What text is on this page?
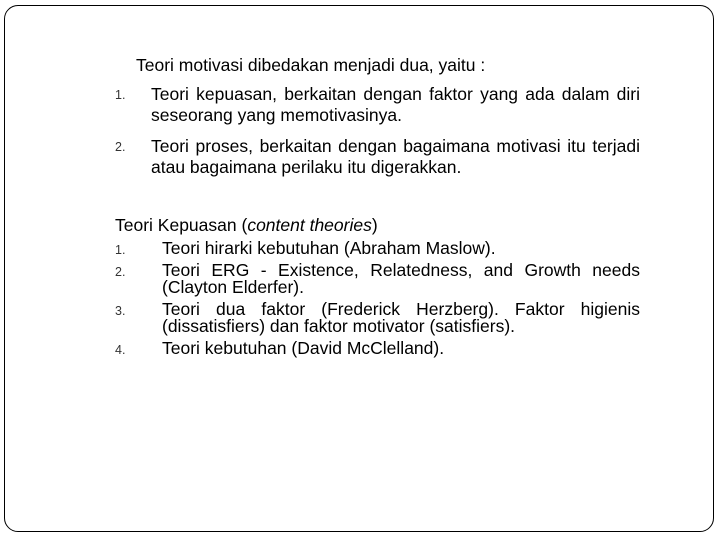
Teori motivasi dibedakan menjadi dua, yaitu :
1. Teori kepuasan, berkaitan dengan faktor yang ada dalam diri seseorang yang memotivasinya.
2. Teori proses, berkaitan dengan bagaimana motivasi itu terjadi atau bagaimana perilaku itu digerakkan.
Teori Kepuasan (content theories)
1. Teori hirarki kebutuhan (Abraham Maslow).
2. Teori ERG - Existence, Relatedness, and Growth needs (Clayton Elderfer).
3. Teori dua faktor (Frederick Herzberg). Faktor higienis (dissatisfiers) dan faktor motivator (satisfiers).
4. Teori kebutuhan (David McClelland).
